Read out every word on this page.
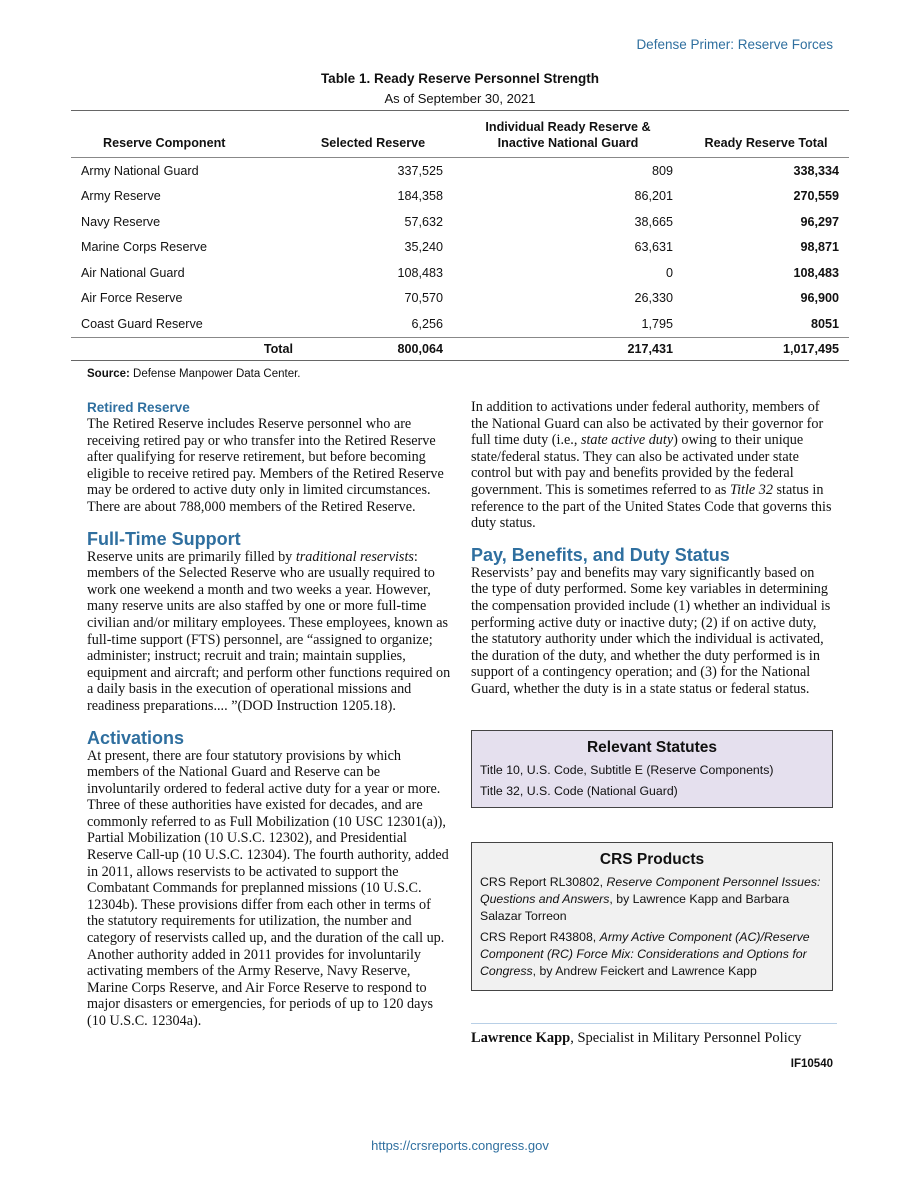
Defense Primer: Reserve Forces
Table 1. Ready Reserve Personnel Strength
As of September 30, 2021
Reserve Component	Selected Reserve	Individual Ready Reserve & Inactive National Guard	Ready Reserve Total
Army National Guard	337,525	809	338,334
Army Reserve	184,358	86,201	270,559
Navy Reserve	57,632	38,665	96,297
Marine Corps Reserve	35,240	63,631	98,871
Air National Guard	108,483	0	108,483
Air Force Reserve	70,570	26,330	96,900
Coast Guard Reserve	6,256	1,795	8051
Total	800,064	217,431	1,017,495
Source: Defense Manpower Data Center.
Retired Reserve

The Retired Reserve includes Reserve personnel who are receiving retired pay or who transfer into the Retired Reserve after qualifying for reserve retirement, but before becoming eligible to receive retired pay. Members of the Retired Reserve may be ordered to active duty only in limited circumstances. There are about 788,000 members of the Retired Reserve.

Full-Time Support

Reserve units are primarily filled by traditional reservists: members of the Selected Reserve who are usually required to work one weekend a month and two weeks a year. However, many reserve units are also staffed by one or more full-time civilian and/or military employees. These employees, known as full-time support (FTS) personnel, are “assigned to organize; administer; instruct; recruit and train; maintain supplies, equipment and aircraft; and perform other functions required on a daily basis in the execution of operational missions and readiness preparations.... ”(DOD Instruction 1205.18).

Activations

At present, there are four statutory provisions by which members of the National Guard and Reserve can be involuntarily ordered to federal active duty for a year or more. Three of these authorities have existed for decades, and are commonly referred to as Full Mobilization (10 USC 12301(a)), Partial Mobilization (10 U.S.C. 12302), and Presidential Reserve Call-up (10 U.S.C. 12304). The fourth authority, added in 2011, allows reservists to be activated to support the Combatant Commands for preplanned missions (10 U.S.C. 12304b). These provisions differ from each other in terms of the statutory requirements for utilization, the number and category of reservists called up, and the duration of the call up. Another authority added in 2011 provides for involuntarily activating members of the Army Reserve, Navy Reserve, Marine Corps Reserve, and Air Force Reserve to respond to major disasters or emergencies, for periods of up to 120 days (10 U.S.C. 12304a).

In addition to activations under federal authority, members of the National Guard can also be activated by their governor for full time duty (i.e., state active duty) owing to their unique state/federal status. They can also be activated under state control but with pay and benefits provided by the federal government. This is sometimes referred to as Title 32 status in reference to the part of the United States Code that governs this duty status.

Pay, Benefits, and Duty Status

Reservists’ pay and benefits may vary significantly based on the type of duty performed. Some key variables in determining the compensation provided include (1) whether an individual is performing active duty or inactive duty; (2) if on active duty, the statutory authority under which the individual is activated, the duration of the duty, and whether the duty performed is in support of a contingency operation; and (3) for the National Guard, whether the duty is in a state status or federal status.

Relevant Statutes

Title 10, U.S. Code, Subtitle E (Reserve Components)

Title 32, U.S. Code (National Guard)

CRS Products

CRS Report RL30802, Reserve Component Personnel Issues: Questions and Answers, by Lawrence Kapp and Barbara Salazar Torreon

CRS Report R43808, Army Active Component (AC)/Reserve Component (RC) Force Mix: Considerations and Options for Congress, by Andrew Feickert and Lawrence Kapp

Lawrence Kapp, Specialist in Military Personnel Policy
IF10540
https://crsreports.congress.gov
